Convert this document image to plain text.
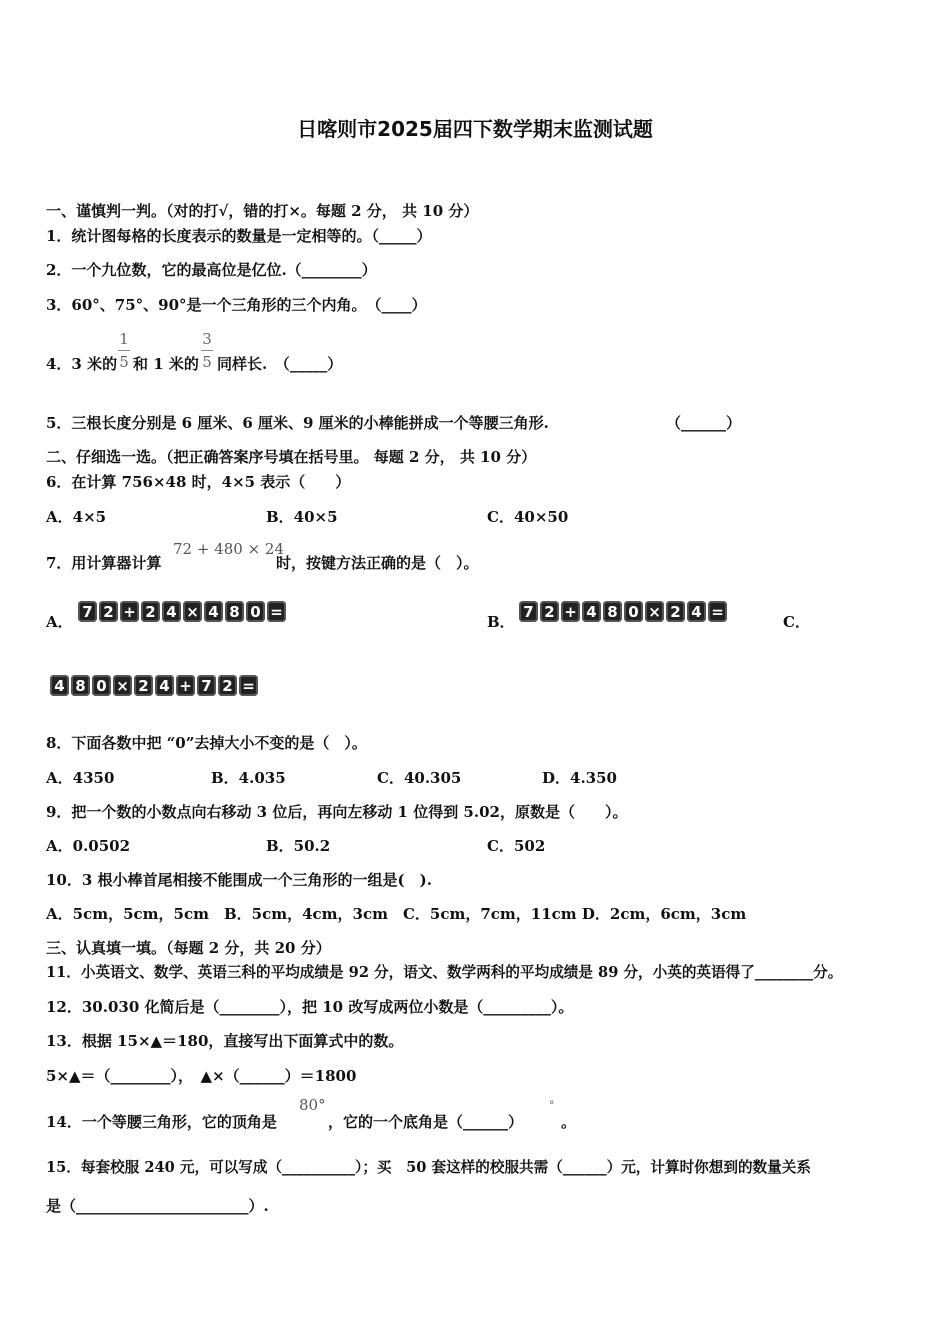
日喀则市2025届四下数学期末监测试题
一、谨慎判一判。（对的打√，错的打×。每题 2 分， 共 10 分）
1．统计图每格的长度表示的数量是一定相等的。（_____）
2．一个九位数，它的最高位是亿位.（________）
3．60°、75°、90°是一个三角形的三个内角。　（____）
4．3 米的
1
5 和 1 米的
3
5 同样长.　（_____）
5．三根长度分别是 6 厘米、6 厘米、9 厘米的小棒能拼成一个等腰三角形.	（______）
二、仔细选一选。（把正确答案序号填在括号里。 每题 2 分， 共 10 分）
6．在计算 756×48 时，4×5 表示（　　）
A．4×5	B．40×5	C．40×50
7．用计算器计算
72 + 480 × 24
时，按键方法正确的是（　）。
A．
7 2 + 2 4 × 4 8 0 =
B．
7 2 + 4 8 0 × 2 4 =
C．
4 8 0 × 2 4 + 7 2 =
8．下面各数中把 “0”去掉大小不变的是（　）。
A．4350	B．4.035	C．40.305	D．4.350
9．把一个数的小数点向右移动 3 位后，再向左移动 1 位得到 5.02，原数是（　　）。
A．0.0502	B．50.2	C．502
10．3 根小棒首尾相接不能围成一个三角形的一组是(　).
A．5cm，5cm，5cm　B．5cm，4cm，3cm　C．5cm，7cm，11cm D．2cm，6cm，3cm
三、认真填一填。（每题 2 分，共 20 分）
11．小英语文、数学、英语三科的平均成绩是 92 分，语文、数学两科的平均成绩是 89 分，小英的英语得了________分。
12．30.030 化简后是（________），把 10 改写成两位小数是（_________）。
13．根据 15×▲＝180，直接写出下面算式中的数。
5×▲＝（________），　▲×（______）＝1800
14．一个等腰三角形，它的顶角是
80°
，它的一个底角是（______）
°
。
15．每套校服 240 元，可以写成（__________）；买　50 套这样的校服共需（______）元，计算时你想到的数量关系
是（_______________________）.
